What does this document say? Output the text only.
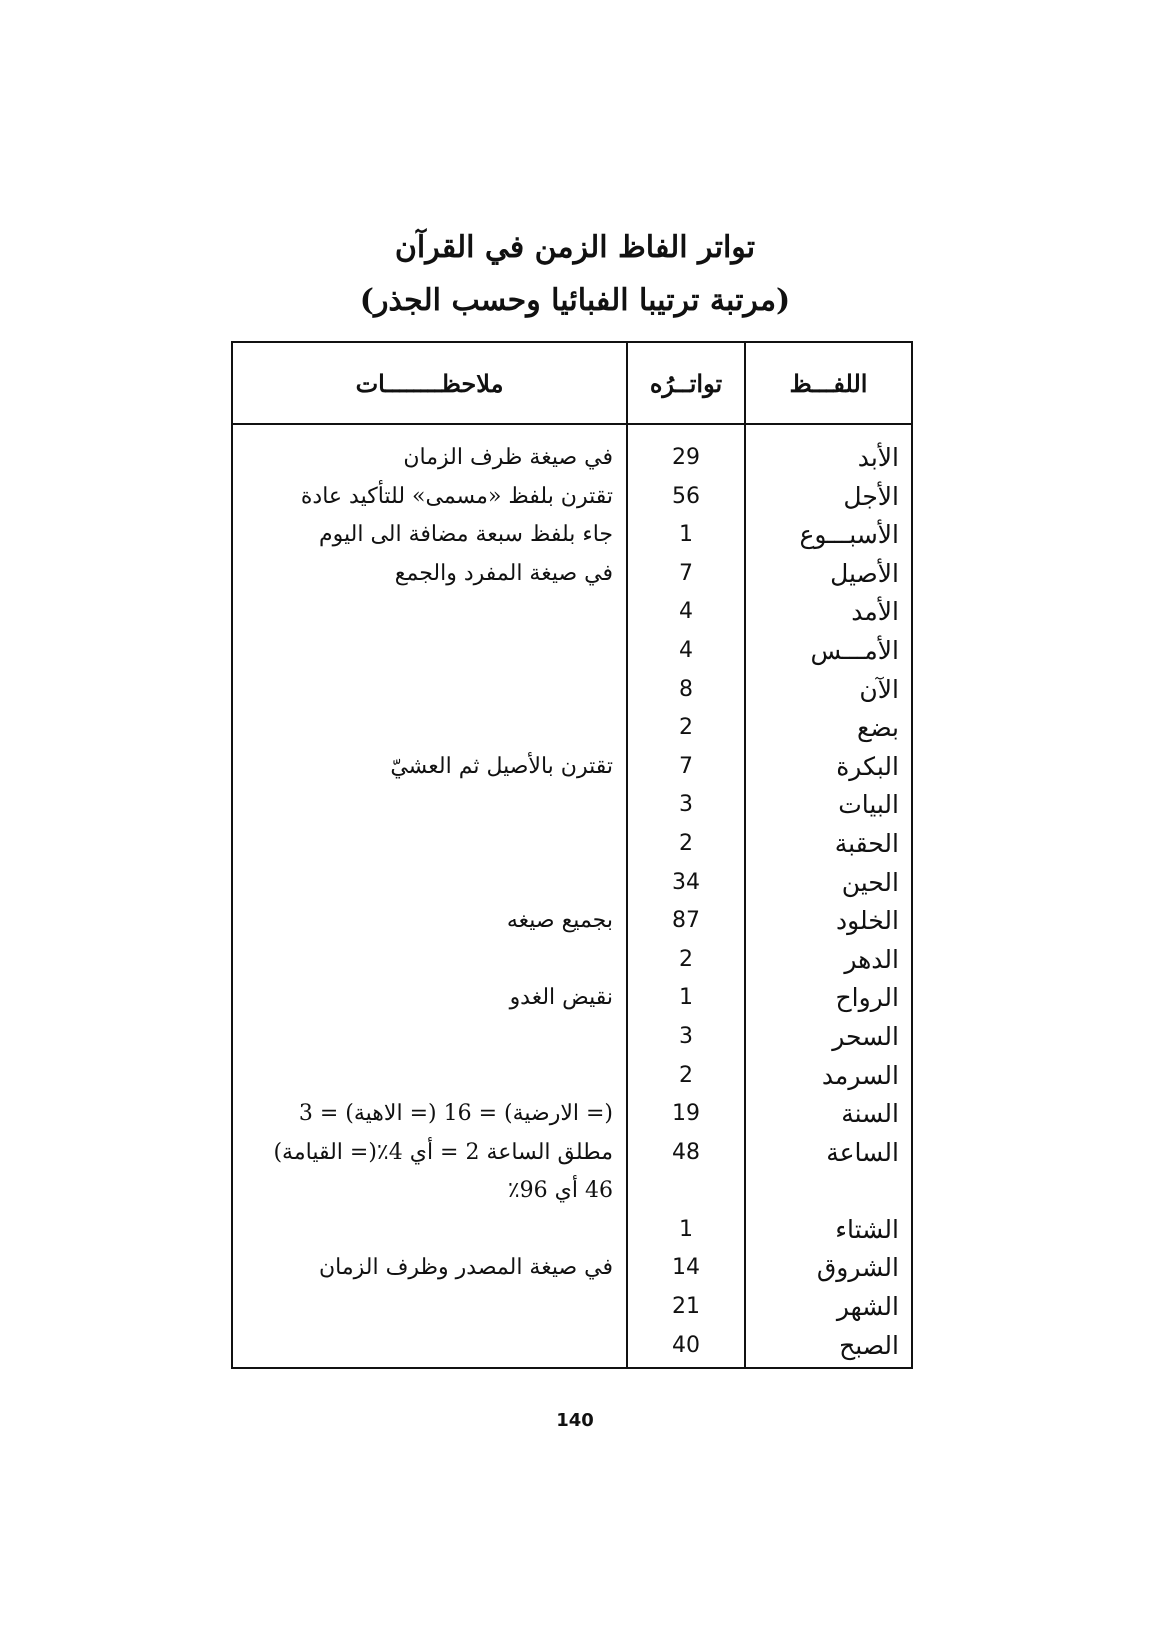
تواتر الفاظ الزمن في القرآن
(مرتبة ترتيبا الفبائيا وحسب الجذر)
اللفـــظ
تواتــرُه
ملاحظــــــــات
الأبد
29
في صيغة ظرف الزمان
الأجل
56
تقترن بلفظ «مسمى» للتأكيد عادة
الأسبـــوع
1
جاء بلفظ سبعة مضافة الى اليوم
الأصيل
7
في صيغة المفرد والجمع
الأمد
4
الأمـــس
4
الآن
8
بضع
2
البكرة
7
تقترن بالأصيل ثم العشيّ
البيات
3
الحقبة
2
الحين
34
الخلود
87
بجميع صيغه
الدهر
2
الرواح
1
نقيض الغدو
السحر
3
السرمد
2
السنة
19
(= الارضية) = 16 (= الاهية) = 3
الساعة
48
مطلق الساعة 2 = أي 4٪(= القيامة) 46 أي 96٪
الشتاء
1
الشروق
14
في صيغة المصدر وظرف الزمان
الشهر
21
الصبح
40
140
